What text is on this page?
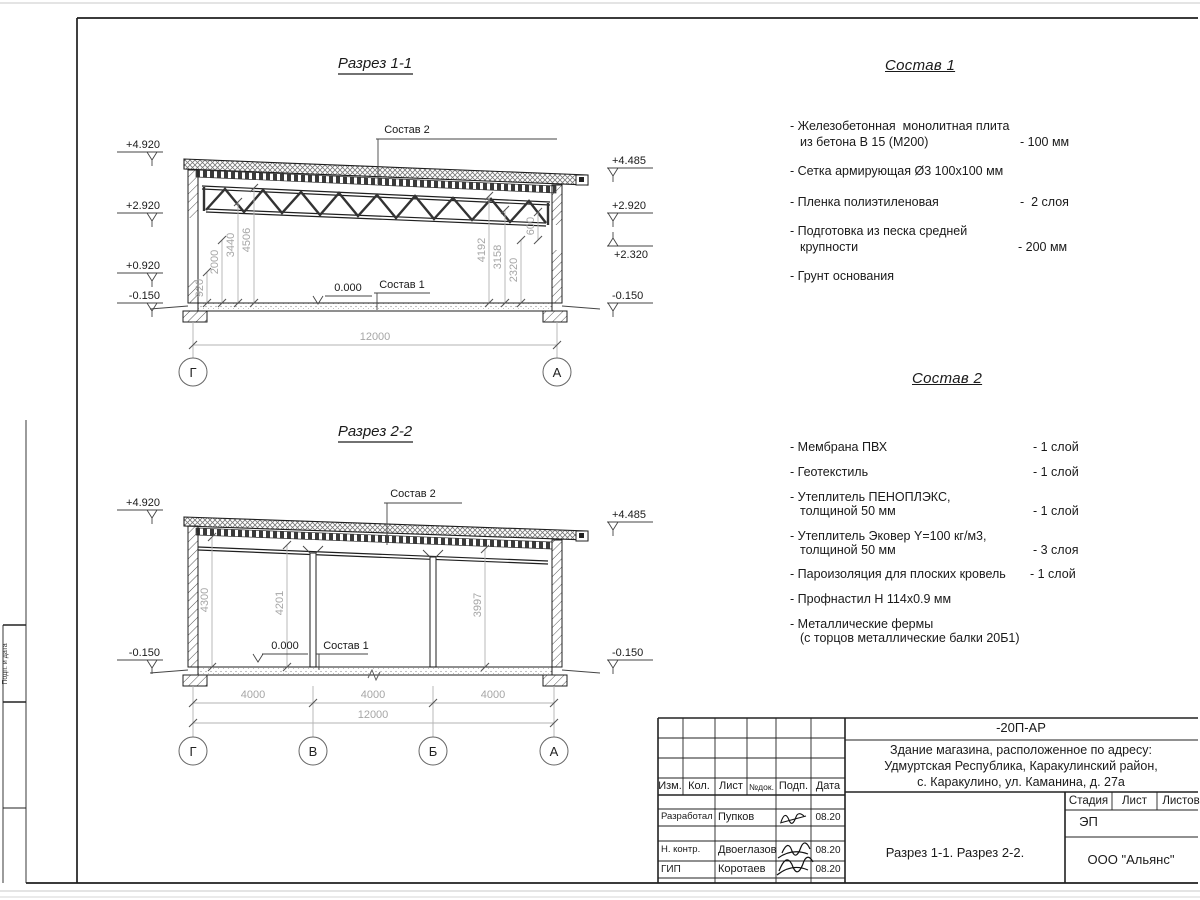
Подп. и дата
Разрез 1-1
+4.920
+2.920
+0.920
-0.150
+4.485
+2.920
+2.320
-0.150
920
2000
3440 4506	4192 3158
2320
600
0.000
Состав 2
Состав 1
12000
Г	А
Разрез 2-2
+4.920
-0.150
+4.485
-0.150
4300	4201	3997
0.000
Состав 2
Состав 1
4000	4000	4000
12000
Г	В	Б	А
Состав 1
- Железобетонная  монолитная плита
из бетона В 15 (М200)	- 100 мм
- Сетка армирующая Ø3 100х100 мм
- Пленка полиэтиленовая	-  2 слоя
- Подготовка из песка средней
крупности	- 200 мм
- Грунт основания
Состав 2
- Мембрана ПВХ	- 1 слой
- Геотекстиль	- 1 слой
- Утеплитель ПЕНОПЛЭКС,
толщиной 50 мм	- 1 слой
- Утеплитель Эковер Y=100 кг/м3,
толщиной 50 мм	- 3 слоя
- Пароизоляция для плоских кровель - 1 слой
- Профнастил Н 114х0.9 мм
- Металлические фермы
(с торцов металлические балки 20Б1)
-20П-АР
Здание магазина, расположенное по адресу:
Удмуртская Республика, Каракулинский район,
с. Каракулино, ул. Каманина, д. 27а
Изм. Кол. Лист №док. Подп. Дата
Разработал Пупков	08.20
Н. контр. Двоеглазов	08.20
ГИП	Коротаев	08.20
Стадия	Лист	Листов
ЭП
Разрез 1-1. Разрез 2-2.	ООО "Альянс"
